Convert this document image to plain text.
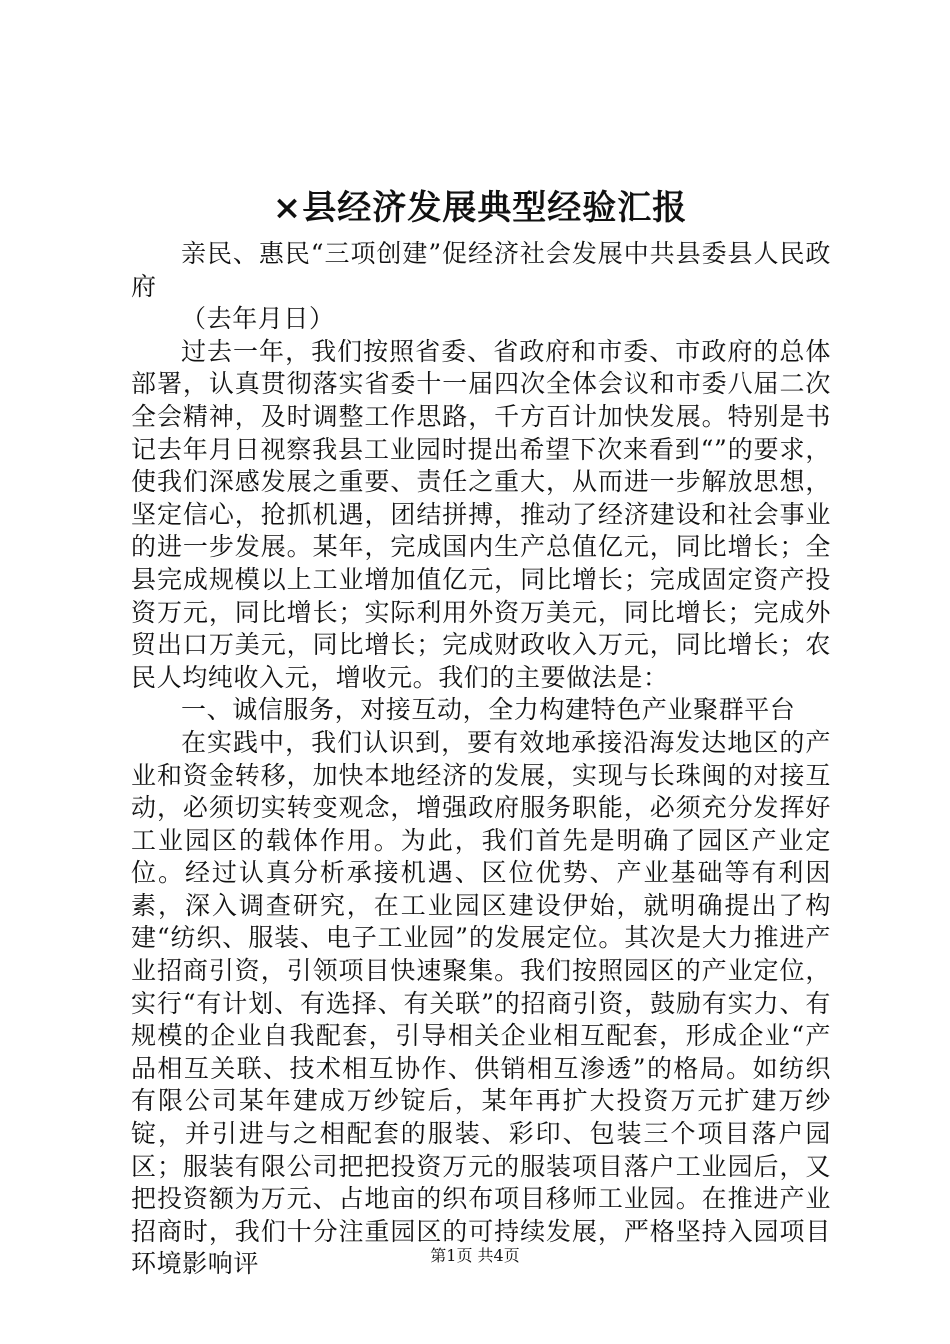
×县经济发展典型经验汇报

亲民、惠民“三项创建”促经济社会发展中共县委县人民政府

（去年月日）

过去一年，我们按照省委、省政府和市委、市政府的总体部署，认真贯彻落实省委十一届四次全体会议和市委八届二次全会精神，及时调整工作思路，千方百计加快发展。特别是书记去年月日视察我县工业园时提出希望下次来看到“”的要求，使我们深感发展之重要、责任之重大，从而进一步解放思想，坚定信心，抢抓机遇，团结拼搏，推动了经济建设和社会事业的进一步发展。某年，完成国内生产总值亿元，同比增长；全县完成规模以上工业增加值亿元，同比增长；完成固定资产投资万元，同比增长；实际利用外资万美元，同比增长；完成外贸出口万美元，同比增长；完成财政收入万元，同比增长；农民人均纯收入元，增收元。我们的主要做法是：

一、诚信服务，对接互动，全力构建特色产业聚群平台

在实践中，我们认识到，要有效地承接沿海发达地区的产业和资金转移，加快本地经济的发展，实现与长珠闽的对接互动，必须切实转变观念，增强政府服务职能，必须充分发挥好工业园区的载体作用。为此，我们首先是明确了园区产业定位。经过认真分析承接机遇、区位优势、产业基础等有利因素，深入调查研究，在工业园区建设伊始，就明确提出了构建“纺织、服装、电子工业园”的发展定位。其次是大力推进产业招商引资，引领项目快速聚集。我们按照园区的产业定位，实行“有计划、有选择、有关联”的招商引资，鼓励有实力、有规模的企业自我配套，引导相关企业相互配套，形成企业“产品相互关联、技术相互协作、供销相互渗透”的格局。如纺织有限公司某年建成万纱锭后，某年再扩大投资万元扩建万纱锭，并引进与之相配套的服装、彩印、包装三个项目落户园区；服装有限公司把把投资万元的服装项目落户工业园后，又把投资额为万元、占地亩的织布项目移师工业园。在推进产业招商时，我们十分注重园区的可持续发展，严格坚持入园项目环境影响评	第1页 共4页
